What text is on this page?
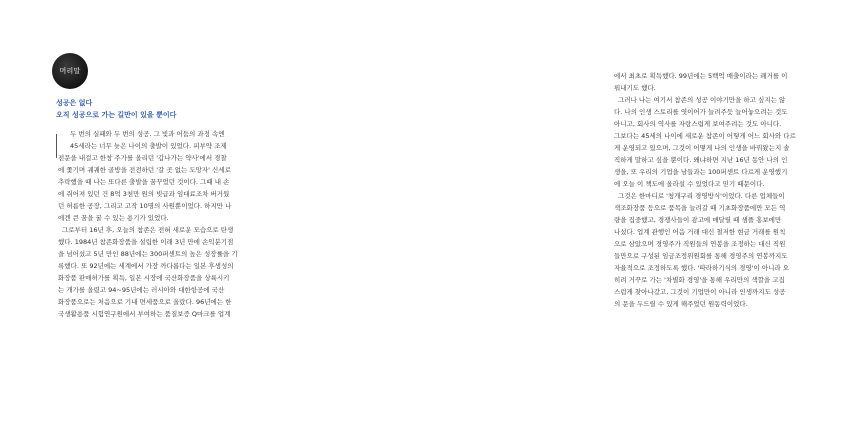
머리말
성공은 없다
오직 성공으로 가는 길만이 있을 뿐이다
두 번의 실패와 두 번의 성공. 그 빛과 어둠의 과정 속엔
45세라는 너무 늦은 나이의 출발이 있었다. 피부약 조제
전문을 내걸고 한창 주가를 올리던 '갑나가는 약사'에서 경찰
에 쫓기며 궤궤한 골방을 전전하던 '갈 곳 없는 도망자' 신세로
추락했을 때 나는 또다른 출발을 꿈꾸었던 것이다. 그때 내 손
에 쥐어져 있던 건 8억 3천만 원의 빚급과 임대료조차 버거웠
던 허름한 공장, 그리고 고작 10명의 사원뿐이었다. 하지만 나
에겐 큰 꿈을 꿀 수 있는 용기가 있었다.
그로부터 16년 후, 오늘의 참존은 전혀 새로운 모습으로 탄생
했다. 1984년 참존화장품을 설립한 이래 3년 만에 손익분기점
을 넘어섰고 5년 만인 88년에는 300퍼센트의 높은 성장률을 기
록했다. 또 92년에는 세계에서 가장 까다롭다는 일본 후생성의
화장품 판매허가를 획득, 일본 시장에 국산화장품을 상륙시키
는 개가를 올렸고 94~95년에는 러시아와 대한항공에 국산
화장품으로는 처음으로 기내 면세품으로 올랐다. 96년에는 한
국생활용품 시험연구원에서 부여하는 품질보증 Q마크를 업계
에서 최초로 획득했다. 99년에는 5백억 매출이라는 쾌거를 이
뤄내기도 했다.
그러나 나는 여기서 참존의 성공 이야기만을 하고 싶지는 않
다. 나의 인생 스토리를 엿이어가 늘려주듯 늘어놓으려는 것도
아니고, 회사의 역사를 자랑스럽게 보여주려는 것도 아니다.
그보다는 45세의 나이에 새로운 참존이 어떻게 어느 회사와 다르
게 운영되고 있으며, 그것이 어떻게 나의 인생을 바꿔왔는지 솔
직하게 말하고 싶을 뿐이다. 왜냐하면 지난 16년 동안 나의 인
생을, 또 우리의 기업을 남들과는 100퍼센트 다르게 운영했기
에 오늘 이 책도에 올라설 수 있었다고 믿기 때문이다.
그것은 한마디로 '청개구리 경영방식'이었다. 다른 업체들이
색조화장품 등으로 품목을 늘려갈 때 기초화장품에만 모든 역
량을 집중했고, 경쟁사들이 광고에 매달릴 때 샘플 홍보에만
나섰다. 업계 관행인 어음 거래 대신 철저한 현금 거래를 원칙
으로 삼았으며 경영주가 직원들의 연봉을 조정하는 대신 직원
들만으로 구성된 임금조정위원회를 통해 경영주의 연봉까지도
자율적으로 조정하도록 했다. '따라하기식의 경영'이 아니라 오
히려 거꾸로 가는 '차별화 경영'을 통해 우리만의 색깔을 고집
스럽게 찾아나갔고, 그것이 기업만이 아니라 인생까지도 성공
의 문을 두드릴 수 있게 해주었던 원동력이었다.
